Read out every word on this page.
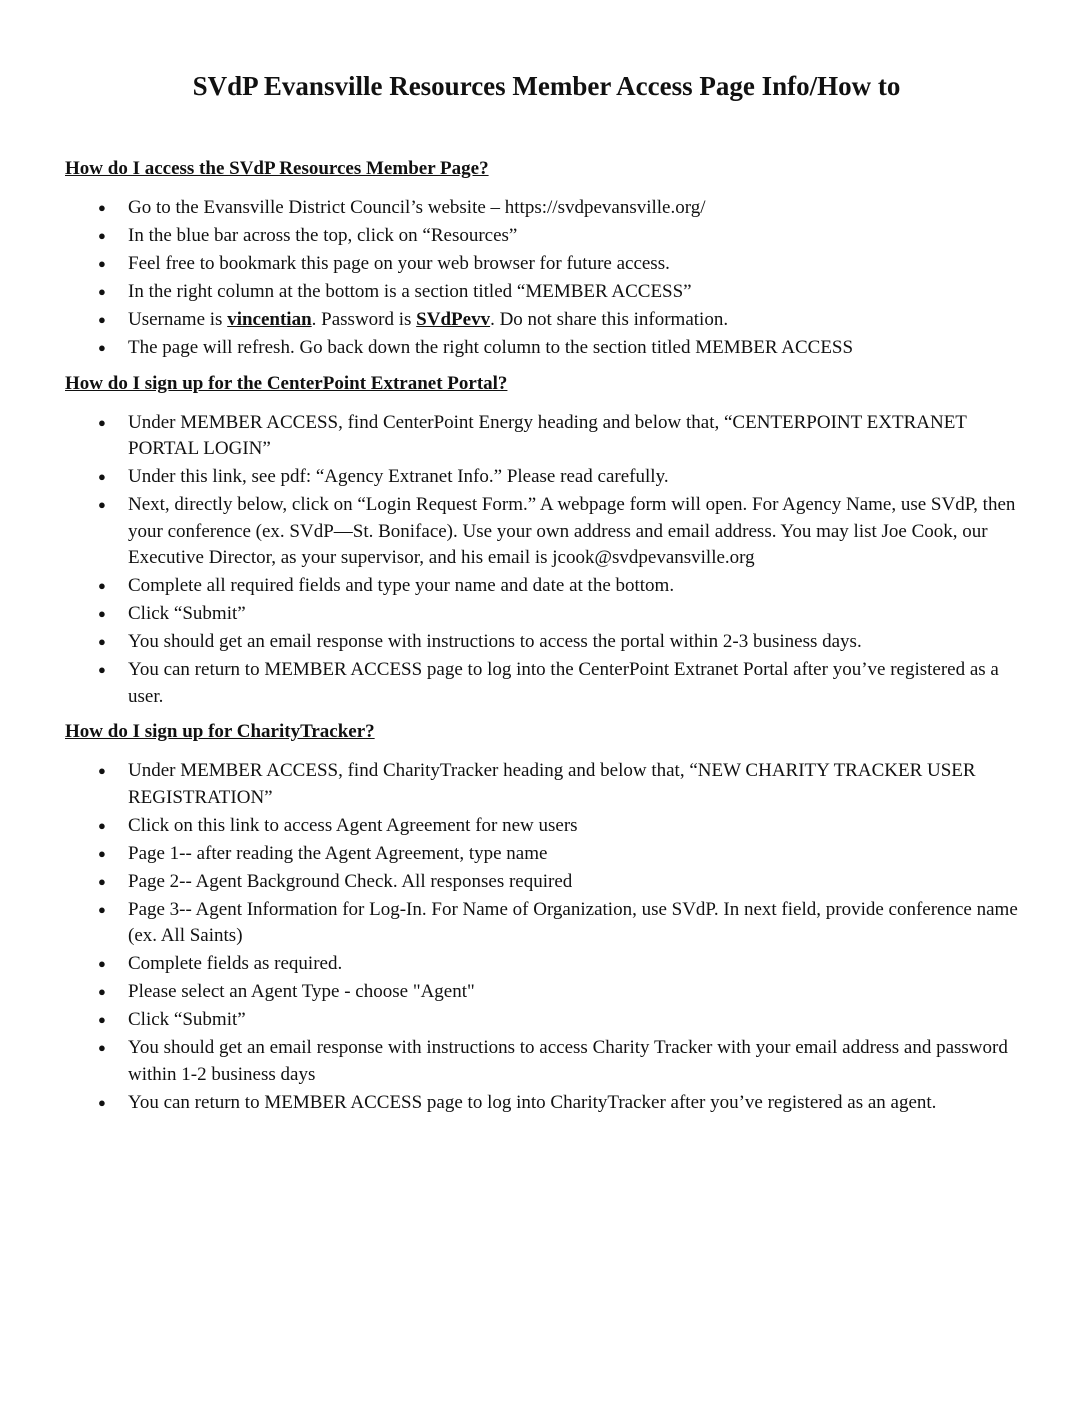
SVdP Evansville Resources Member Access Page Info/How to
How do I access the SVdP Resources Member Page?
● Go to the Evansville District Council’s website – https://svdpevansville.org/
● In the blue bar across the top, click on “Resources”
● Feel free to bookmark this page on your web browser for future access.
● In the right column at the bottom is a section titled “MEMBER ACCESS”
● Username is vincentian. Password is SVdPevv. Do not share this information.
● The page will refresh. Go back down the right column to the section titled MEMBER ACCESS
How do I sign up for the CenterPoint Extranet Portal?
● Under MEMBER ACCESS, find CenterPoint Energy heading and below that, “CENTERPOINT EXTRANET PORTAL LOGIN”
● Under this link, see pdf: “Agency Extranet Info.” Please read carefully.
● Next, directly below, click on “Login Request Form.” A webpage form will open. For Agency Name, use SVdP, then your conference (ex. SVdP—St. Boniface). Use your own address and email address. You may list Joe Cook, our Executive Director, as your supervisor, and his email is jcook@svdpevansville.org
● Complete all required fields and type your name and date at the bottom.
● Click “Submit”
● You should get an email response with instructions to access the portal within 2-3 business days.
● You can return to MEMBER ACCESS page to log into the CenterPoint Extranet Portal after you’ve registered as a user.
How do I sign up for CharityTracker?
● Under MEMBER ACCESS, find CharityTracker heading and below that, “NEW CHARITY TRACKER USER REGISTRATION”
● Click on this link to access Agent Agreement for new users
● Page 1-- after reading the Agent Agreement, type name
● Page 2-- Agent Background Check. All responses required
● Page 3-- Agent Information for Log-In. For Name of Organization, use SVdP. In next field, provide conference name (ex. All Saints)
● Complete fields as required.
● Please select an Agent Type - choose "Agent"
● Click “Submit”
● You should get an email response with instructions to access Charity Tracker with your email address and password within 1-2 business days
● You can return to MEMBER ACCESS page to log into CharityTracker after you’ve registered as an agent.
